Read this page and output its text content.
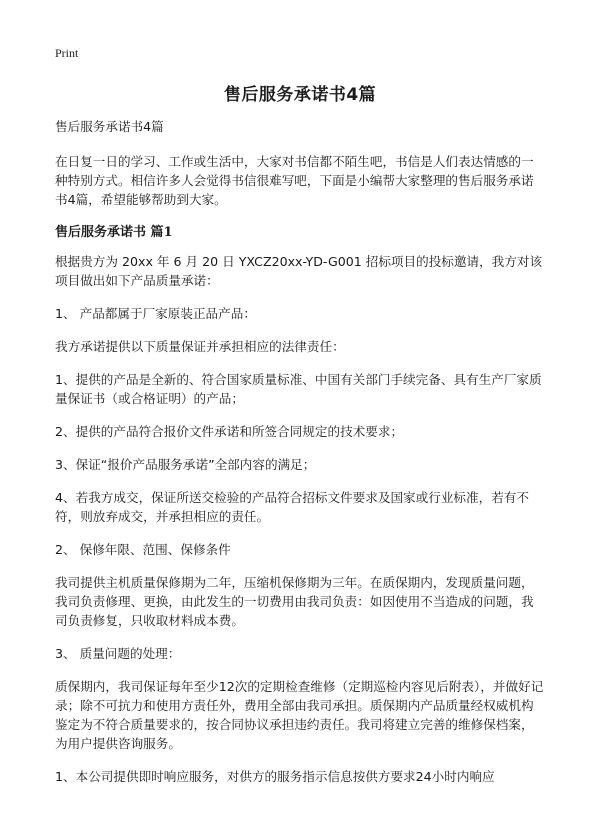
Print
售后服务承诺书4篇

售后服务承诺书4篇

在日复一日的学习、工作或生活中，大家对书信都不陌生吧，书信是人们表达情感的一种特别方式。相信许多人会觉得书信很难写吧，下面是小编帮大家整理的售后服务承诺书4篇，希望能够帮助到大家。

售后服务承诺书 篇1

根据贵方为 20xx 年 6 月 20 日 YXCZ20xx-YD-G001 招标项目的投标邀请，我方对该项目做出如下产品质量承诺：

1、 产品都属于厂家原装正品产品：

我方承诺提供以下质量保证并承担相应的法律责任：

1、提供的产品是全新的、符合国家质量标准、中国有关部门手续完备、具有生产厂家质量保证书（或合格证明）的产品；

2、提供的产品符合报价文件承诺和所签合同规定的技术要求；

3、保证“报价产品服务承诺”全部内容的满足；

4、若我方成交，保证所送交检验的产品符合招标文件要求及国家或行业标准，若有不符，则放弃成交，并承担相应的责任。

2、 保修年限、范围、保修条件

我司提供主机质量保修期为二年，压缩机保修期为三年。在质保期内，发现质量问题，我司负责修理、更换，由此发生的一切费用由我司负责：如因使用不当造成的问题，我司负责修复，只收取材料成本费。

3、 质量问题的处理：

质保期内，我司保证每年至少12次的定期检查维修（定期巡检内容见后附表），并做好记录；除不可抗力和使用方责任外，费用全部由我司承担。质保期内产品质量经权威机构鉴定为不符合质量要求的，按合同协议承担违约责任。我司将建立完善的维修保档案，为用户提供咨询服务。

1、本公司提供即时响应服务，对供方的服务指示信息按供方要求24小时内响应
